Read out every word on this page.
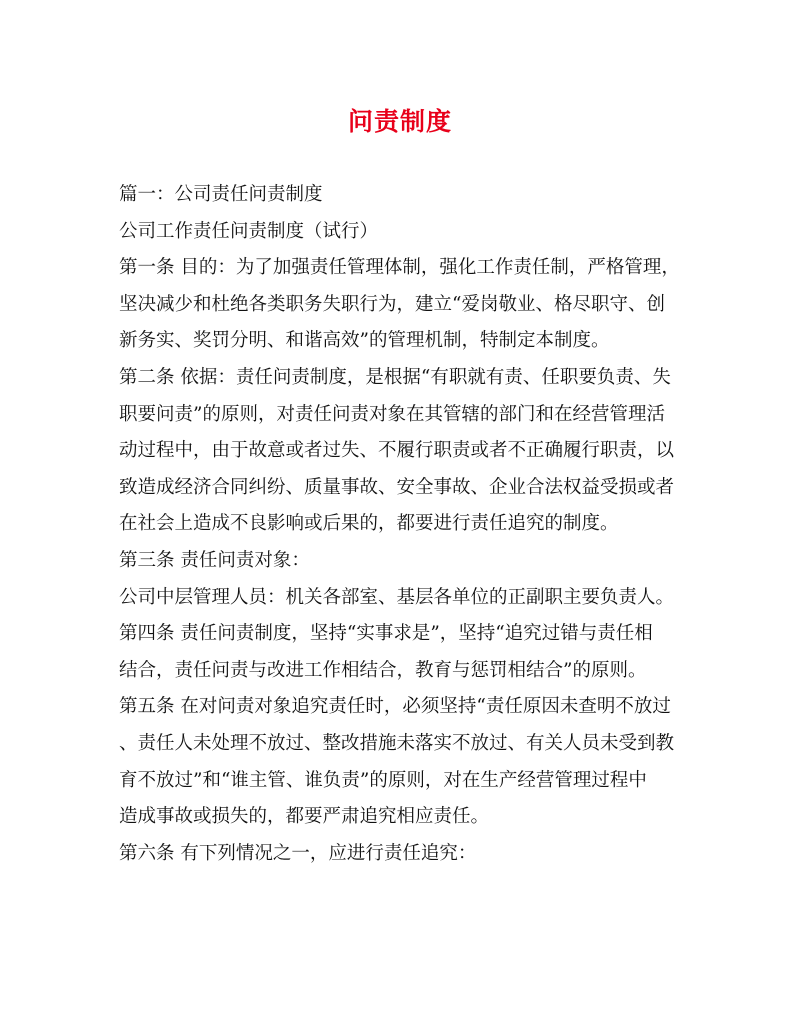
问责制度

篇一：公司责任问责制度

公司工作责任问责制度（试行）

第一条 目的：为了加强责任管理体制，强化工作责任制，严格管理，
坚决减少和杜绝各类职务失职行为，建立“爱岗敬业、格尽职守、创
新务实、奖罚分明、和谐高效”的管理机制，特制定本制度。

第二条 依据：责任问责制度，是根据“有职就有责、任职要负责、失
职要问责”的原则，对责任问责对象在其管辖的部门和在经营管理活
动过程中，由于故意或者过失、不履行职责或者不正确履行职责，以
致造成经济合同纠纷、质量事故、安全事故、企业合法权益受损或者
在社会上造成不良影响或后果的，都要进行责任追究的制度。

第三条 责任问责对象：

公司中层管理人员：机关各部室、基层各单位的正副职主要负责人。

第四条 责任问责制度，坚持“实事求是”，坚持“追究过错与责任相
结合，责任问责与改进工作相结合，教育与惩罚相结合”的原则。

第五条 在对问责对象追究责任时，必须坚持“责任原因未查明不放过
、责任人未处理不放过、整改措施未落实不放过、有关人员未受到教
育不放过”和“谁主管、谁负责”的原则，对在生产经营管理过程中
造成事故或损失的，都要严肃追究相应责任。

第六条 有下列情况之一，应进行责任追究：
